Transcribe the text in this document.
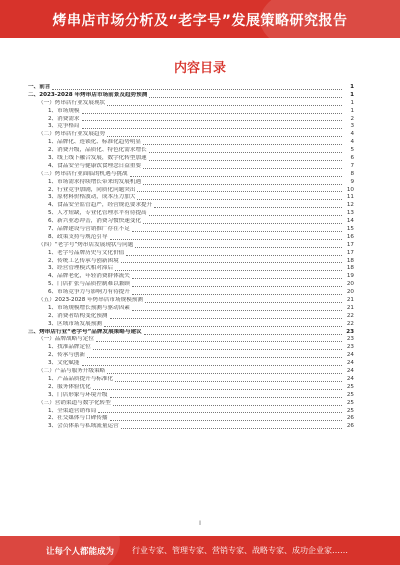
烤串店市场分析及“老字号”发展策略研究报告
内容目录
一、前言	1
二、2023-2028 年烤串店市场前景及趋势预测	1
（一）烤串店行业发展现状	1
1、市场规模	1
2、消费需求	2
3、竞争格局	3
（二）烤串店行业发展趋势	4
1、品牌化、连锁化、标准化趋势明显	4
2、消费升级，品质化、特色化需求增长	5
3、线上线下融合发展，数字化转型加速	6
4、食品安全与健康饮食理念日益重要	7
（三）烤串店行业面临的机遇与挑战	8
1、市场需求持续增长带来的发展机遇	9
2、行业竞争加剧，同质化问题突出	10
3、原材料价格波动，成本压力加大	11
4、食品安全监管趋严，经营规范要求提升	12
5、人才短缺，专业化管理水平有待提高	13
6、新兴业态冲击，消费习惯快速变化	14
7、品牌建设与营销推广存在不足	15
8、政策支持与规范引导	16
（四）“老字号”烤串店发展现状与问题	17
1、老字号品牌历史与文化价值	17
2、传统工艺传承与创新困境	18
3、经营管理模式相对滞后	18
4、品牌老化，年轻消费群体流失	19
5、门店扩张与品质控制难以兼顾	20
6、市场竞争力与影响力有待提升	20
（五）2023-2028 年烤串店市场规模预测	21
1、市场规模增长预测与驱动因素	21
2、消费者结构变化预测	22
3、区域市场发展预测	22
三、烤串店行业“老字号”品牌发展策略与建议	23
（一）品牌战略与定位	23
1、找准品牌定位	23
2、传承与创新	24
3、文化赋能	24
（二）产品与服务升级策略	24
1、产品品质提升与标准化	24
2、服务体验优化	25
3、门店形象与环境升级	25
（三）营销渠道与数字化转型	25
1、全渠道营销布局	25
2、社交媒体与口碑传播	26
3、会员体系与私域流量运营	26
I
让每个人都能成为 行业专家、管理专家、营销专家、战略专家、成功企业家……
